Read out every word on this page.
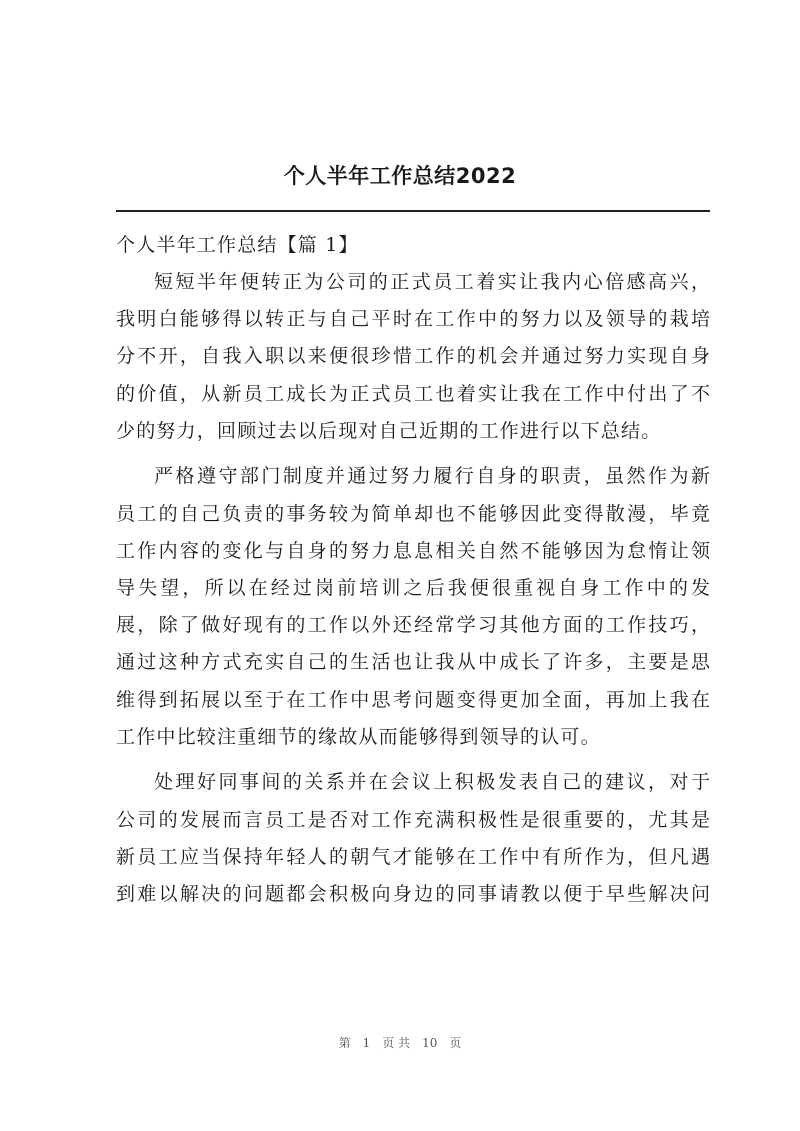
个人半年工作总结2022

个人半年工作总结【篇 1】

短短半年便转正为公司的正式员工着实让我内心倍感高兴，

我明白能够得以转正与自己平时在工作中的努力以及领导的栽培

分不开，自我入职以来便很珍惜工作的机会并通过努力实现自身

的价值，从新员工成长为正式员工也着实让我在工作中付出了不

少的努力，回顾过去以后现对自己近期的工作进行以下总结。

严格遵守部门制度并通过努力履行自身的职责，虽然作为新

员工的自己负责的事务较为简单却也不能够因此变得散漫，毕竟

工作内容的变化与自身的努力息息相关自然不能够因为怠惰让领

导失望，所以在经过岗前培训之后我便很重视自身工作中的发

展，除了做好现有的工作以外还经常学习其他方面的工作技巧，

通过这种方式充实自己的生活也让我从中成长了许多，主要是思

维得到拓展以至于在工作中思考问题变得更加全面，再加上我在

工作中比较注重细节的缘故从而能够得到领导的认可。

处理好同事间的关系并在会议上积极发表自己的建议，对于

公司的发展而言员工是否对工作充满积极性是很重要的，尤其是

新员工应当保持年轻人的朝气才能够在工作中有所作为，但凡遇

到难以解决的问题都会积极向身边的同事请教以便于早些解决问

第 1 页 共 10 页
